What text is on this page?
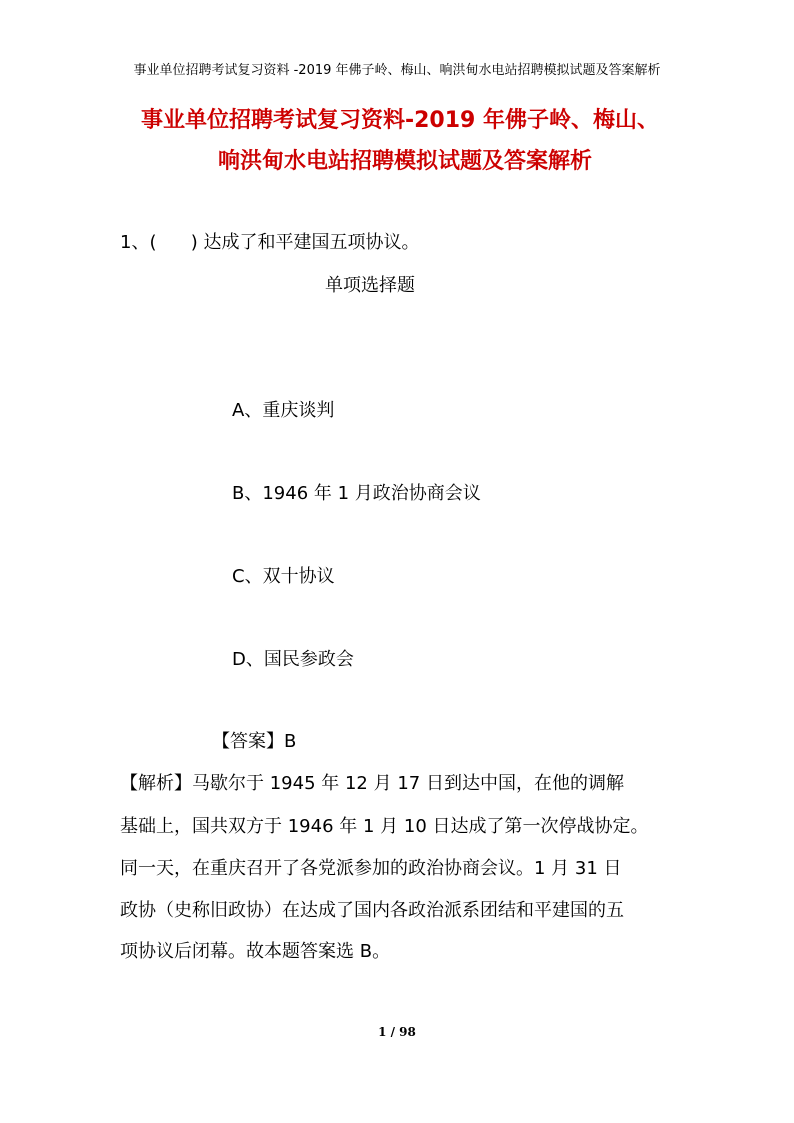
事业单位招聘考试复习资料 -2019 年佛子岭、梅山、响洪甸水电站招聘模拟试题及答案解析
事业单位招聘考试复习资料-2019 年佛子岭、梅山、
响洪甸水电站招聘模拟试题及答案解析
1、(      ) 达成了和平建国五项协议。
单项选择题
A、重庆谈判
B、1946 年 1 月政治协商会议
C、双十协议
D、国民参政会
【答案】B
【解析】马歇尔于 1945 年 12 月 17 日到达中国，在他的调解
基础上，国共双方于 1946 年 1 月 10 日达成了第一次停战协定。
同一天，在重庆召开了各党派参加的政治协商会议。1 月 31 日
政协（史称旧政协）在达成了国内各政治派系团结和平建国的五
项协议后闭幕。故本题答案选 B。
1 / 98
